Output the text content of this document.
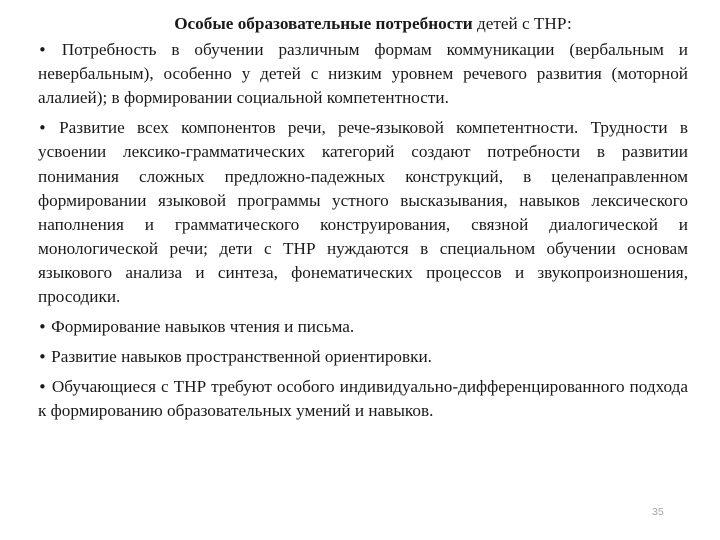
Особые образовательные потребности детей с ТНР:

• Потребность в обучении различным формам коммуникации (вербальным и невербальным), особенно у детей с низким уровнем речевого развития (моторной алалией); в формировании социальной компетентности.

• Развитие всех компонентов речи, рече-языковой компетентности. Трудности в усвоении лексико-грамматических категорий создают потребности в развитии понимания сложных предложно-падежных конструкций, в целенаправленном формировании языковой программы устного высказывания, навыков лексического наполнения и грамматического конструирования, связной диалогической и монологической речи; дети с ТНР нуждаются в специальном обучении основам языкового анализа и синтеза, фонематических процессов и звукопроизношения, просодики.

• Формирование навыков чтения и письма.

• Развитие навыков пространственной ориентировки.

• Обучающиеся с ТНР требуют особого индивидуально-дифференцированного подхода к формированию образовательных умений и навыков.

35
